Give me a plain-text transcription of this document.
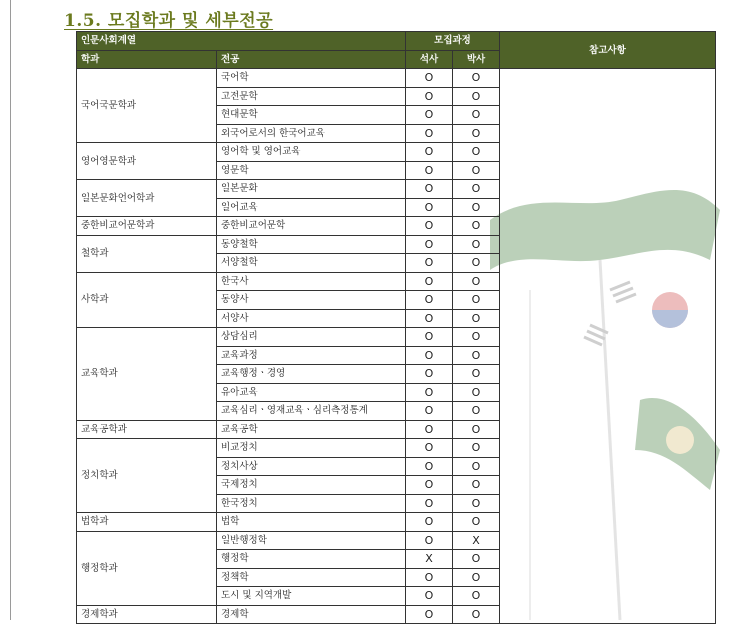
1.5. 모집학과 및 세부전공
인문사회계열		모집과정		참고사항
학과	전공	석사	박사	
국어국문학과	국어학	O	O	
	고전문학	O	O	
	현대문학	O	O	
	외국어로서의 한국어교육	O	O	
영어영문학과	영어학 및 영어교육	O	O	
	영문학	O	O	
일본문화언어학과	일본문화	O	O	
	일어교육	O	O	
중한비교어문학과	중한비교어문학	O	O	
철학과	동양철학	O	O	
	서양철학	O	O	
사학과	한국사	O	O	
	동양사	O	O	
	서양사	O	O	
교육학과	상담심리	O	O	
	교육과정	O	O	
	교육행정ㆍ경영	O	O	
	유아교육	O	O	
	교육심리ㆍ영재교육ㆍ심리측정통계	O	O	
교육공학과	교육공학	O	O	
정치학과	비교정치	O	O	
	정치사상	O	O	
	국제정치	O	O	
	한국정치	O	O	
법학과	법학	O	O	
행정학과	일반행정학	O	X	
	행정학	X	O	
	정책학	O	O	
	도시 및 지역개발	O	O	
경제학과	경제학	O	O	
